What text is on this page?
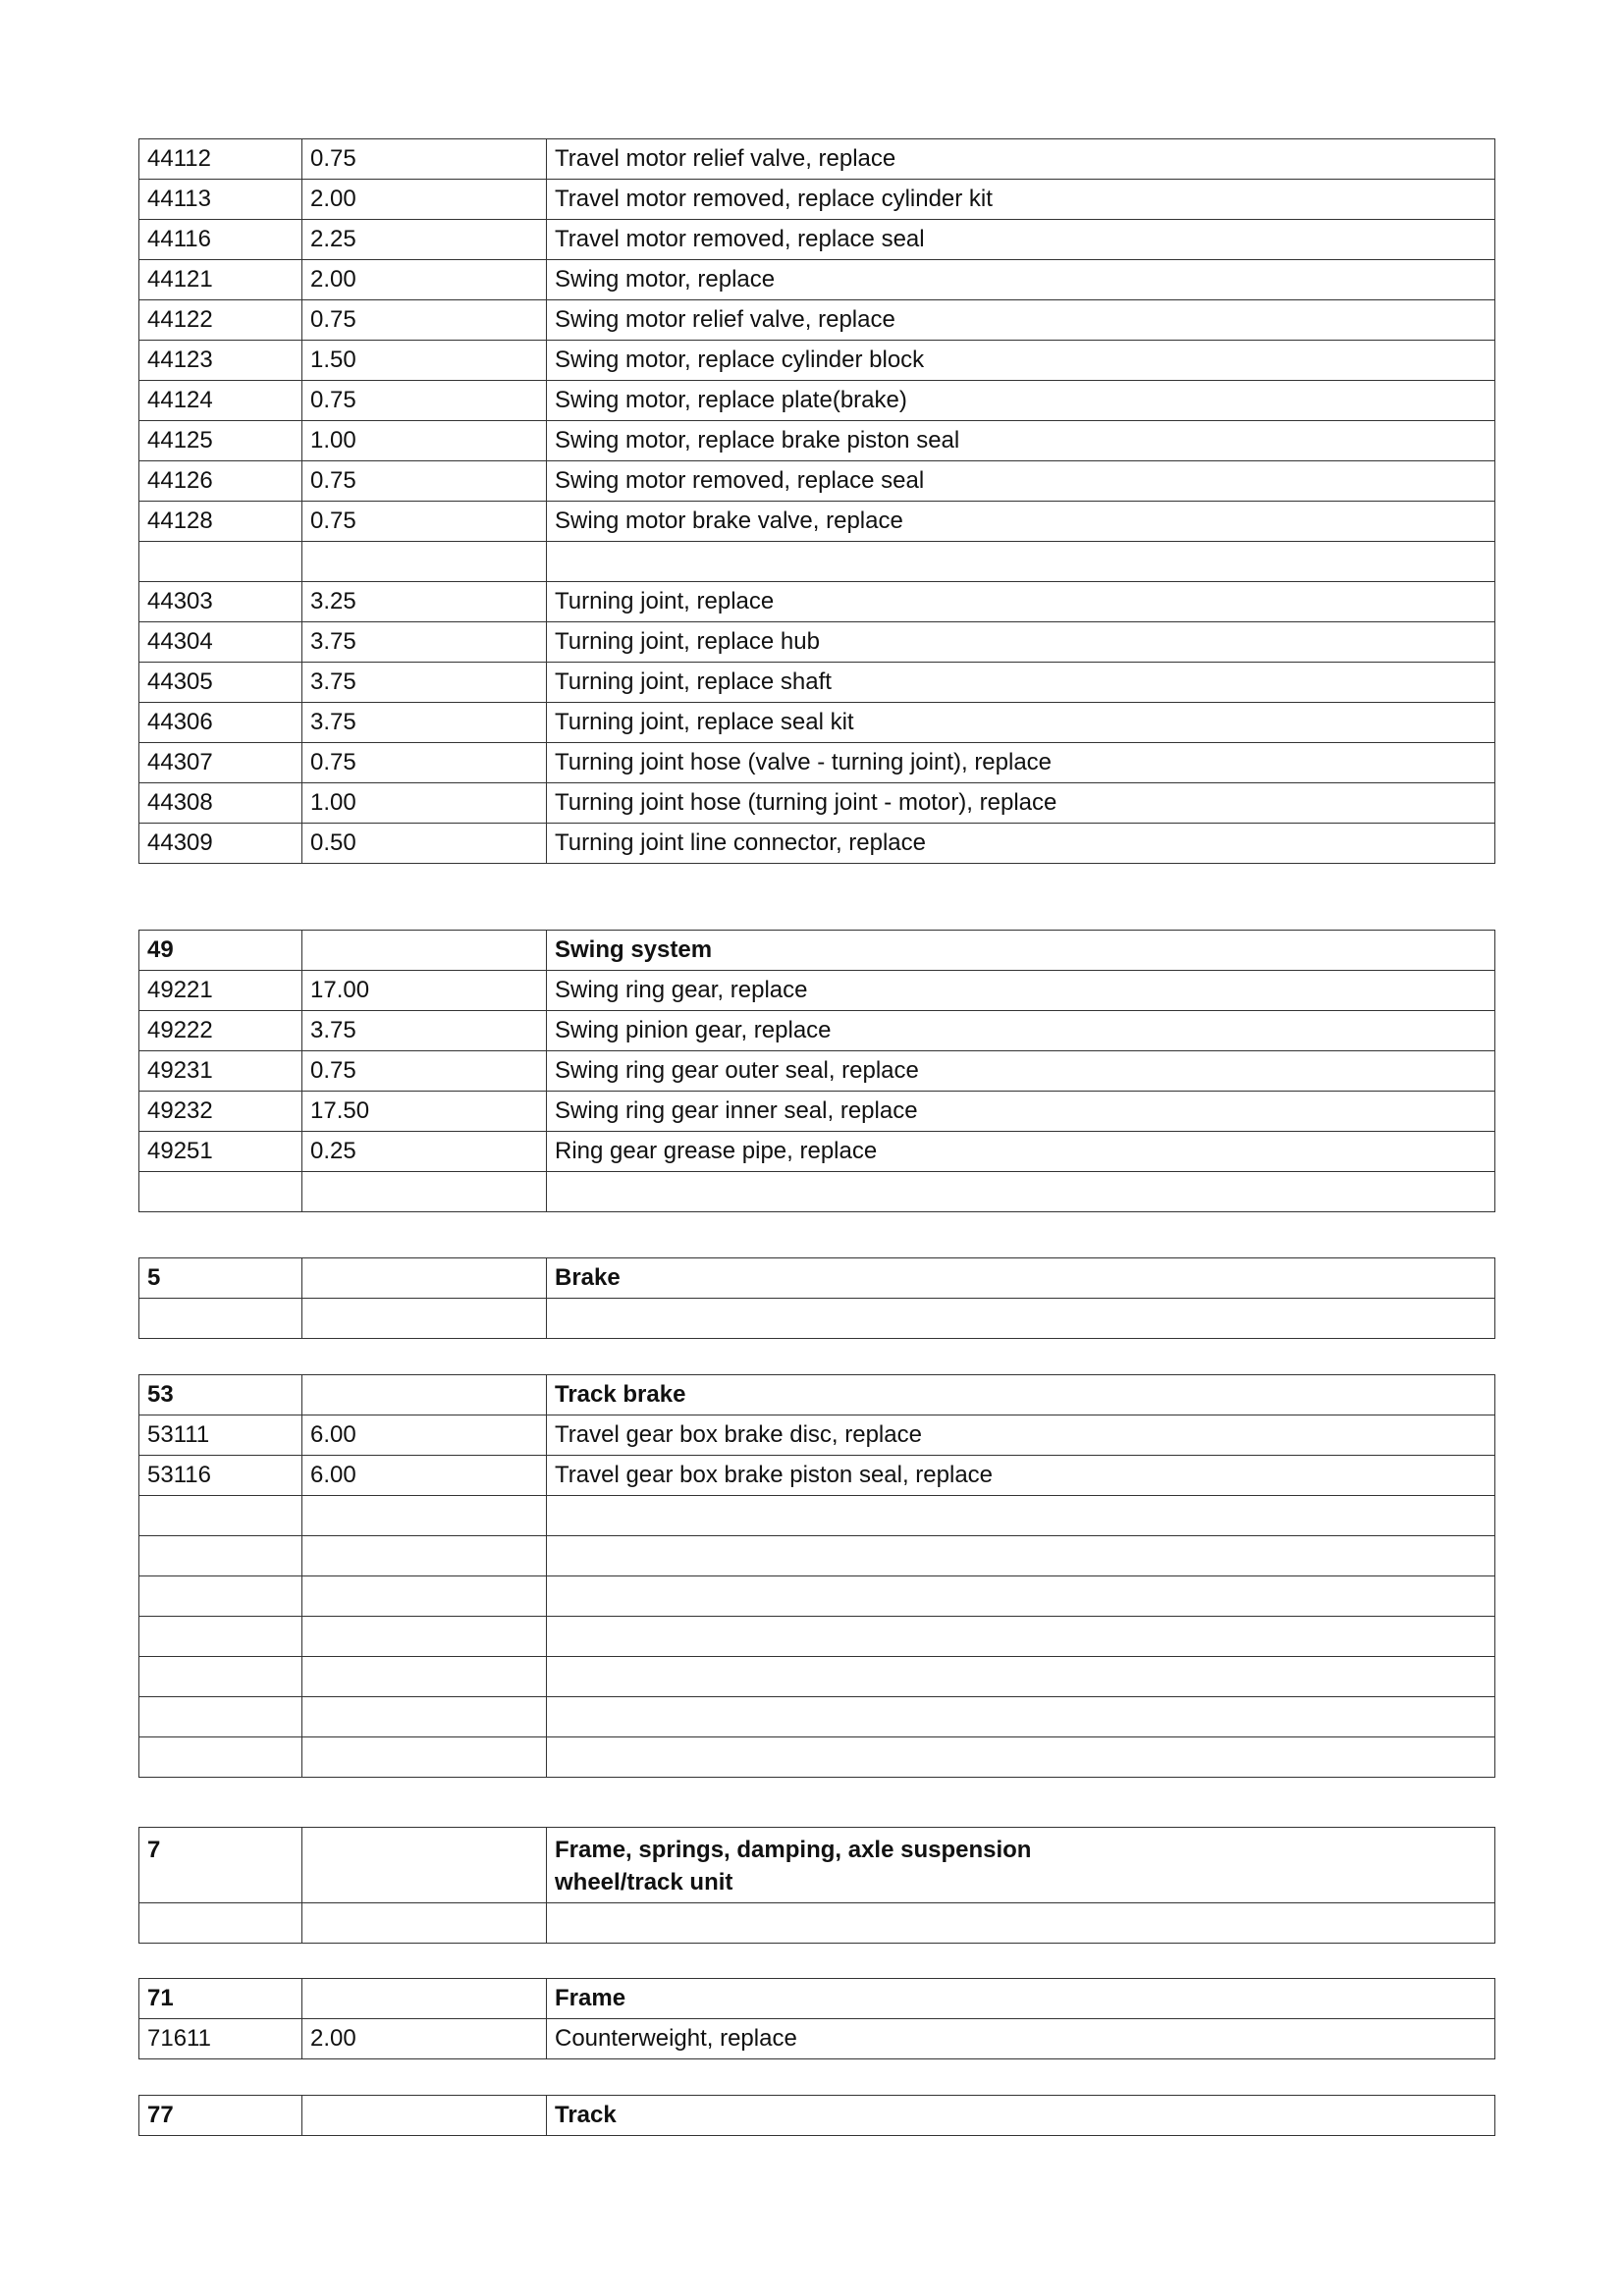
44112	0.75	Travel motor relief valve, replace
44113	2.00	Travel motor removed, replace cylinder kit
44116	2.25	Travel motor removed, replace seal
44121	2.00	Swing motor, replace
44122	0.75	Swing motor relief valve, replace
44123	1.50	Swing motor, replace cylinder block
44124	0.75	Swing motor, replace plate(brake)
44125	1.00	Swing motor, replace brake piston seal
44126	0.75	Swing motor removed, replace seal
44128	0.75	Swing motor brake valve, replace

44303	3.25	Turning joint, replace
44304	3.75	Turning joint, replace hub
44305	3.75	Turning joint, replace shaft
44306	3.75	Turning joint, replace seal kit
44307	0.75	Turning joint hose (valve - turning joint), replace
44308	1.00	Turning joint hose (turning joint - motor), replace
44309	0.50	Turning joint line connector, replace
49		Swing system
49221	17.00	Swing ring gear, replace
49222	3.75	Swing pinion gear, replace
49231	0.75	Swing ring gear outer seal, replace
49232	17.50	Swing ring gear inner seal, replace
49251	0.25	Ring gear grease pipe, replace

5		Brake

53		Track brake
53111	6.00	Travel gear box brake disc, replace
53116	6.00	Travel gear box brake piston seal, replace

7		Frame, springs, damping, axle suspension
wheel/track unit

71		Frame
71611	2.00	Counterweight, replace
77		Track
